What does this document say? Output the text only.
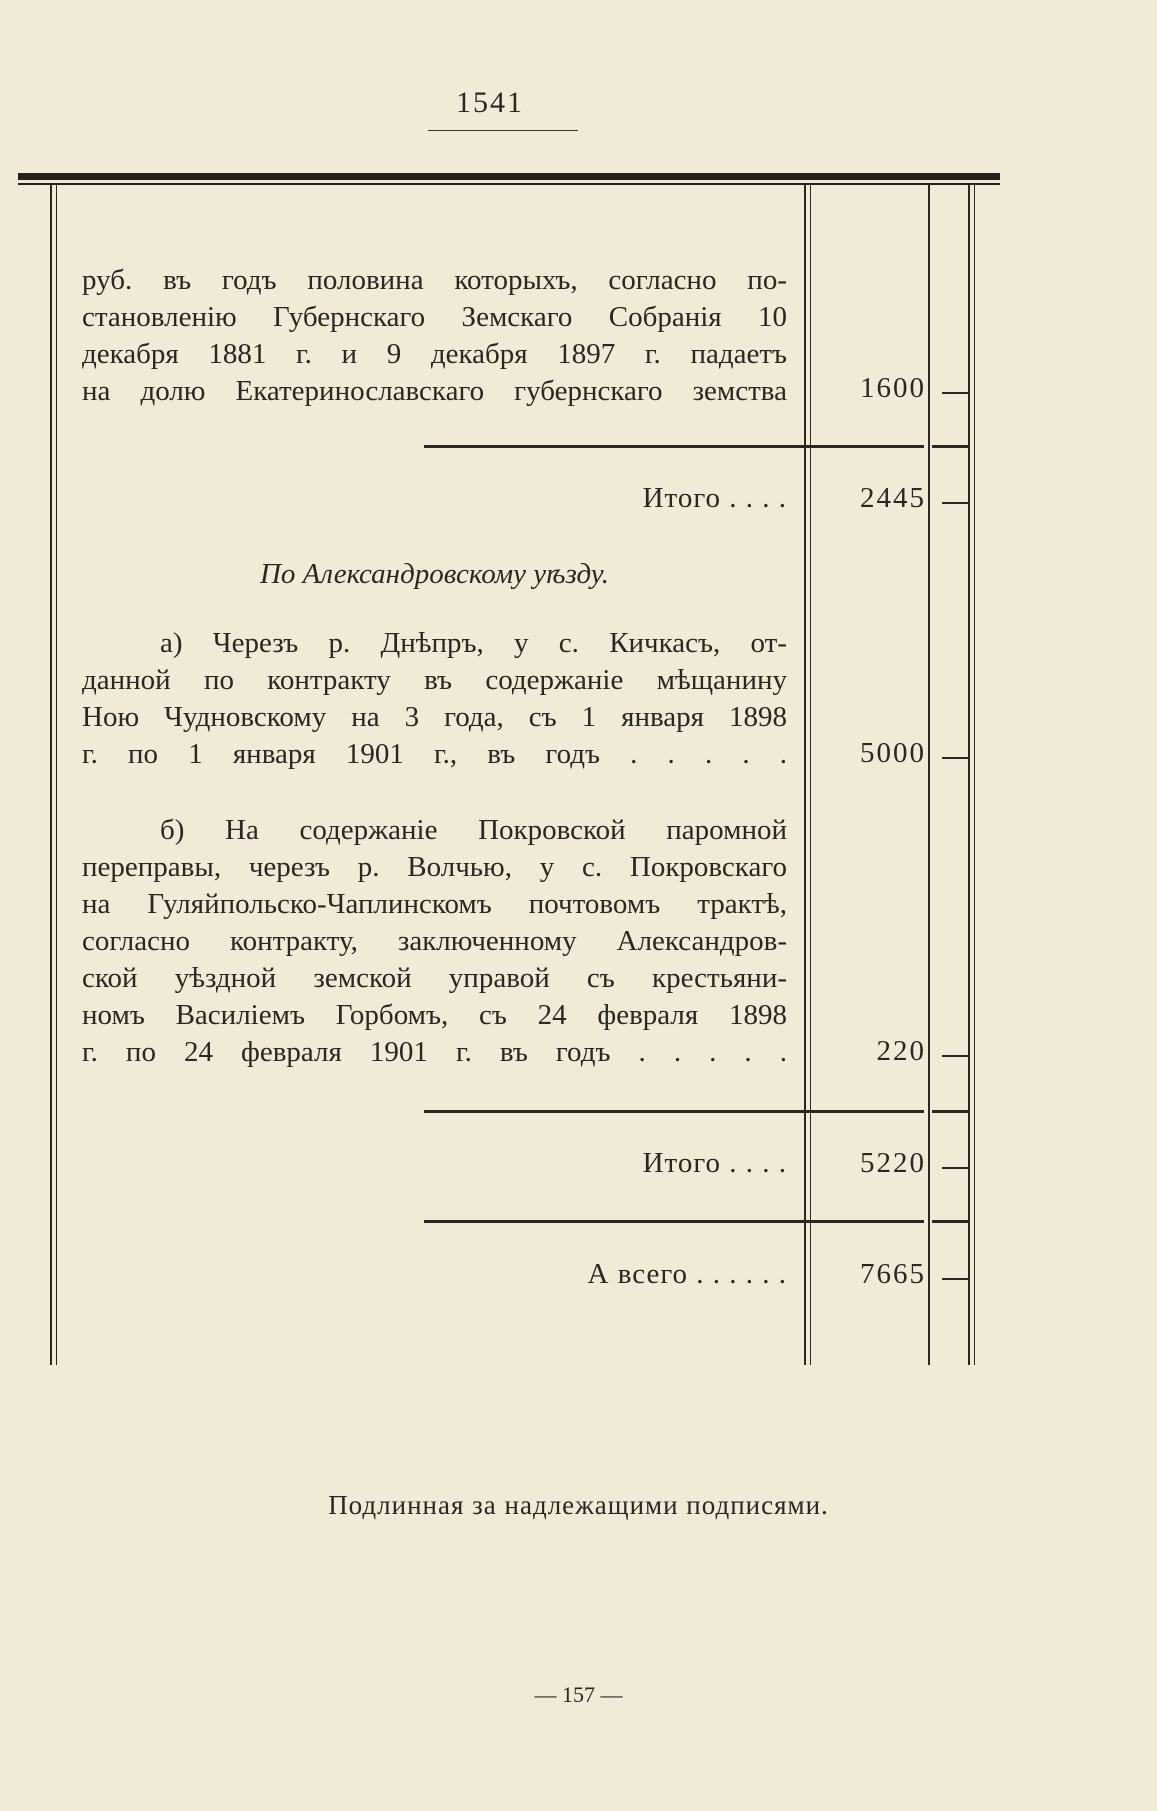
1541
руб. въ годъ половина которыхъ, согласно по-
становленію Губернскаго Земскаго Собранія 10
декабря 1881 г. и 9 декабря 1897 г. падаетъ
на долю Екатеринославскаго губернскаго земства	1600
Итого . . . .	2445
По Александровскому уѣзду.
а) Черезъ р. Днѣпръ, у с. Кичкасъ, от-
данной по контракту въ содержаніе мѣщанину
Ною Чудновскому на 3 года, съ 1 января 1898
г. по 1 января 1901 г., въ годъ . . . . .	5000
б) На содержаніе Покровской паромной
переправы, черезъ р. Волчью, у с. Покровскаго
на Гуляйпольско-Чаплинскомъ почтовомъ трактѣ,
согласно контракту, заключенному Александров-
ской уѣздной земской управой съ крестьяни-
номъ Василіемъ Горбомъ, съ 24 февраля 1898
г. по 24 февраля 1901 г. въ годъ . . . . .	220
Итого . . . .	5220
А всего . . . . . .	7665
Подлинная за надлежащими подписями.
— 157 —
